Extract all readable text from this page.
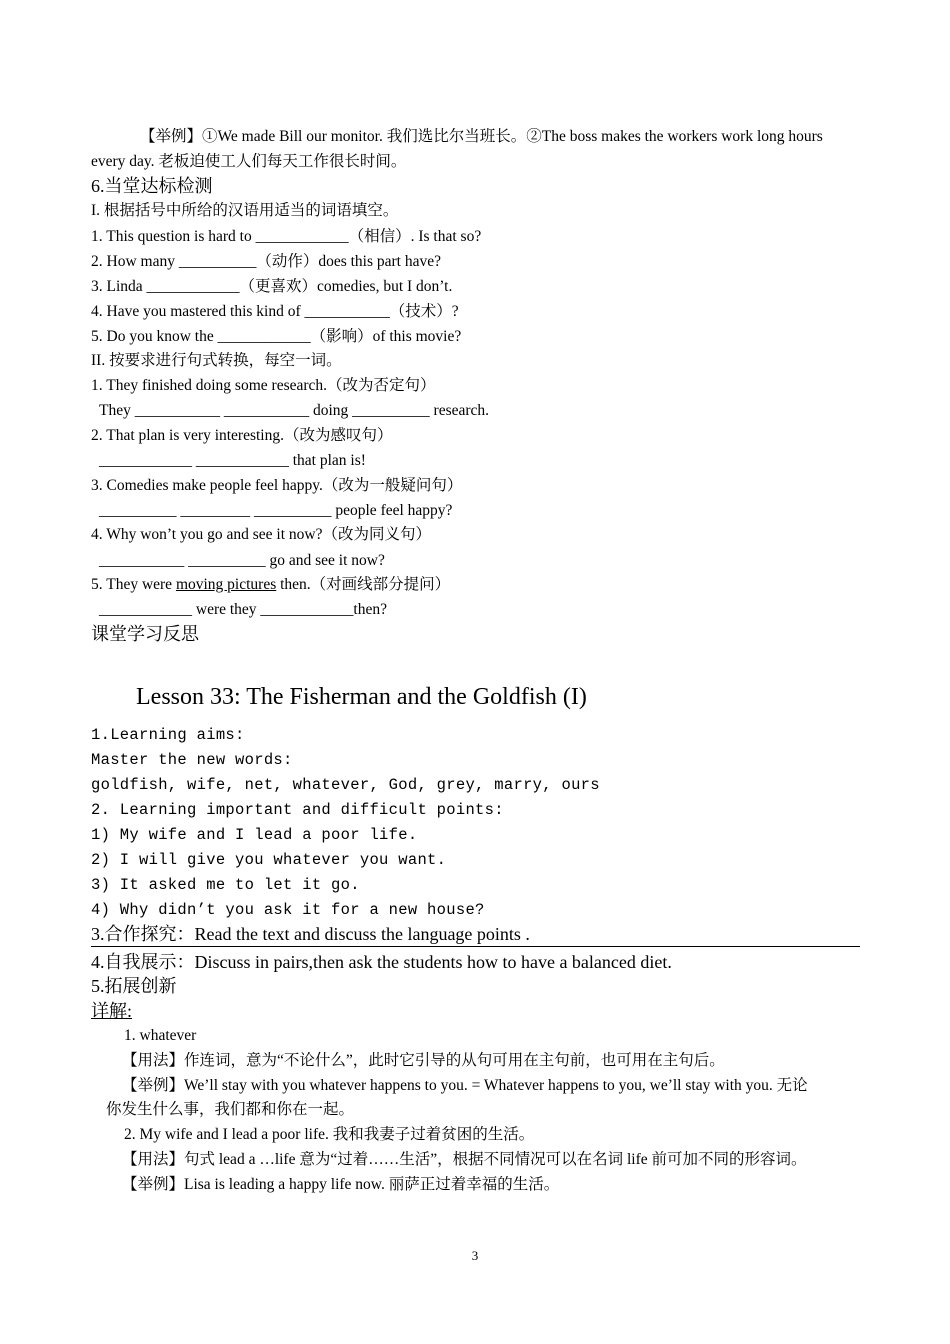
【举例】①We made Bill our monitor. 我们选比尔当班长。②The boss makes the workers work long hours
every day. 老板迫使工人们每天工作很长时间。
6.当堂达标检测
I. 根据括号中所给的汉语用适当的词语填空。
1. This question is hard to ____________（相信）. Is that so?
2. How many __________（动作）does this part have?
3. Linda ____________（更喜欢）comedies, but I don’t.
4. Have you mastered this kind of ___________（技术）?
5. Do you know the ____________（影响）of this movie?
II. 按要求进行句式转换，每空一词。
1. They finished doing some research.（改为否定句）
They ___________ ___________ doing __________ research.
2. That plan is very interesting.（改为感叹句）
____________ ____________ that plan is!
3. Comedies make people feel happy.（改为一般疑问句）
__________ _________ __________ people feel happy?
4. Why won’t you go and see it now?（改为同义句）
___________ __________ go and see it now?
5. They were moving pictures then.（对画线部分提问）
____________ were they ____________then?
课堂学习反思
Lesson 33: The Fisherman and the Goldfish (I)
1.Learning aims:
Master the new words:
goldfish, wife, net, whatever, God, grey, marry, ours
2. Learning important and difficult points:
1) My wife and I lead a poor life.
2) I will give you whatever you want.
3) It asked me to let it go.
4) Why didn’t you ask it for a new house?
3.合作探究：Read the text and discuss the language points .
4.自我展示：Discuss in pairs,then ask the students how to have a balanced diet.
5.拓展创新
详解:
1. whatever
【用法】作连词，意为“不论什么”，此时它引导的从句可用在主句前，也可用在主句后。
【举例】We’ll stay with you whatever happens to you. = Whatever happens to you, we’ll stay with you. 无论
你发生什么事，我们都和你在一起。
2. My wife and I lead a poor life. 我和我妻子过着贫困的生活。
【用法】句式 lead a …life 意为“过着……生活”，根据不同情况可以在名词 life 前可加不同的形容词。
【举例】Lisa is leading a happy life now. 丽萨正过着幸福的生活。
3
